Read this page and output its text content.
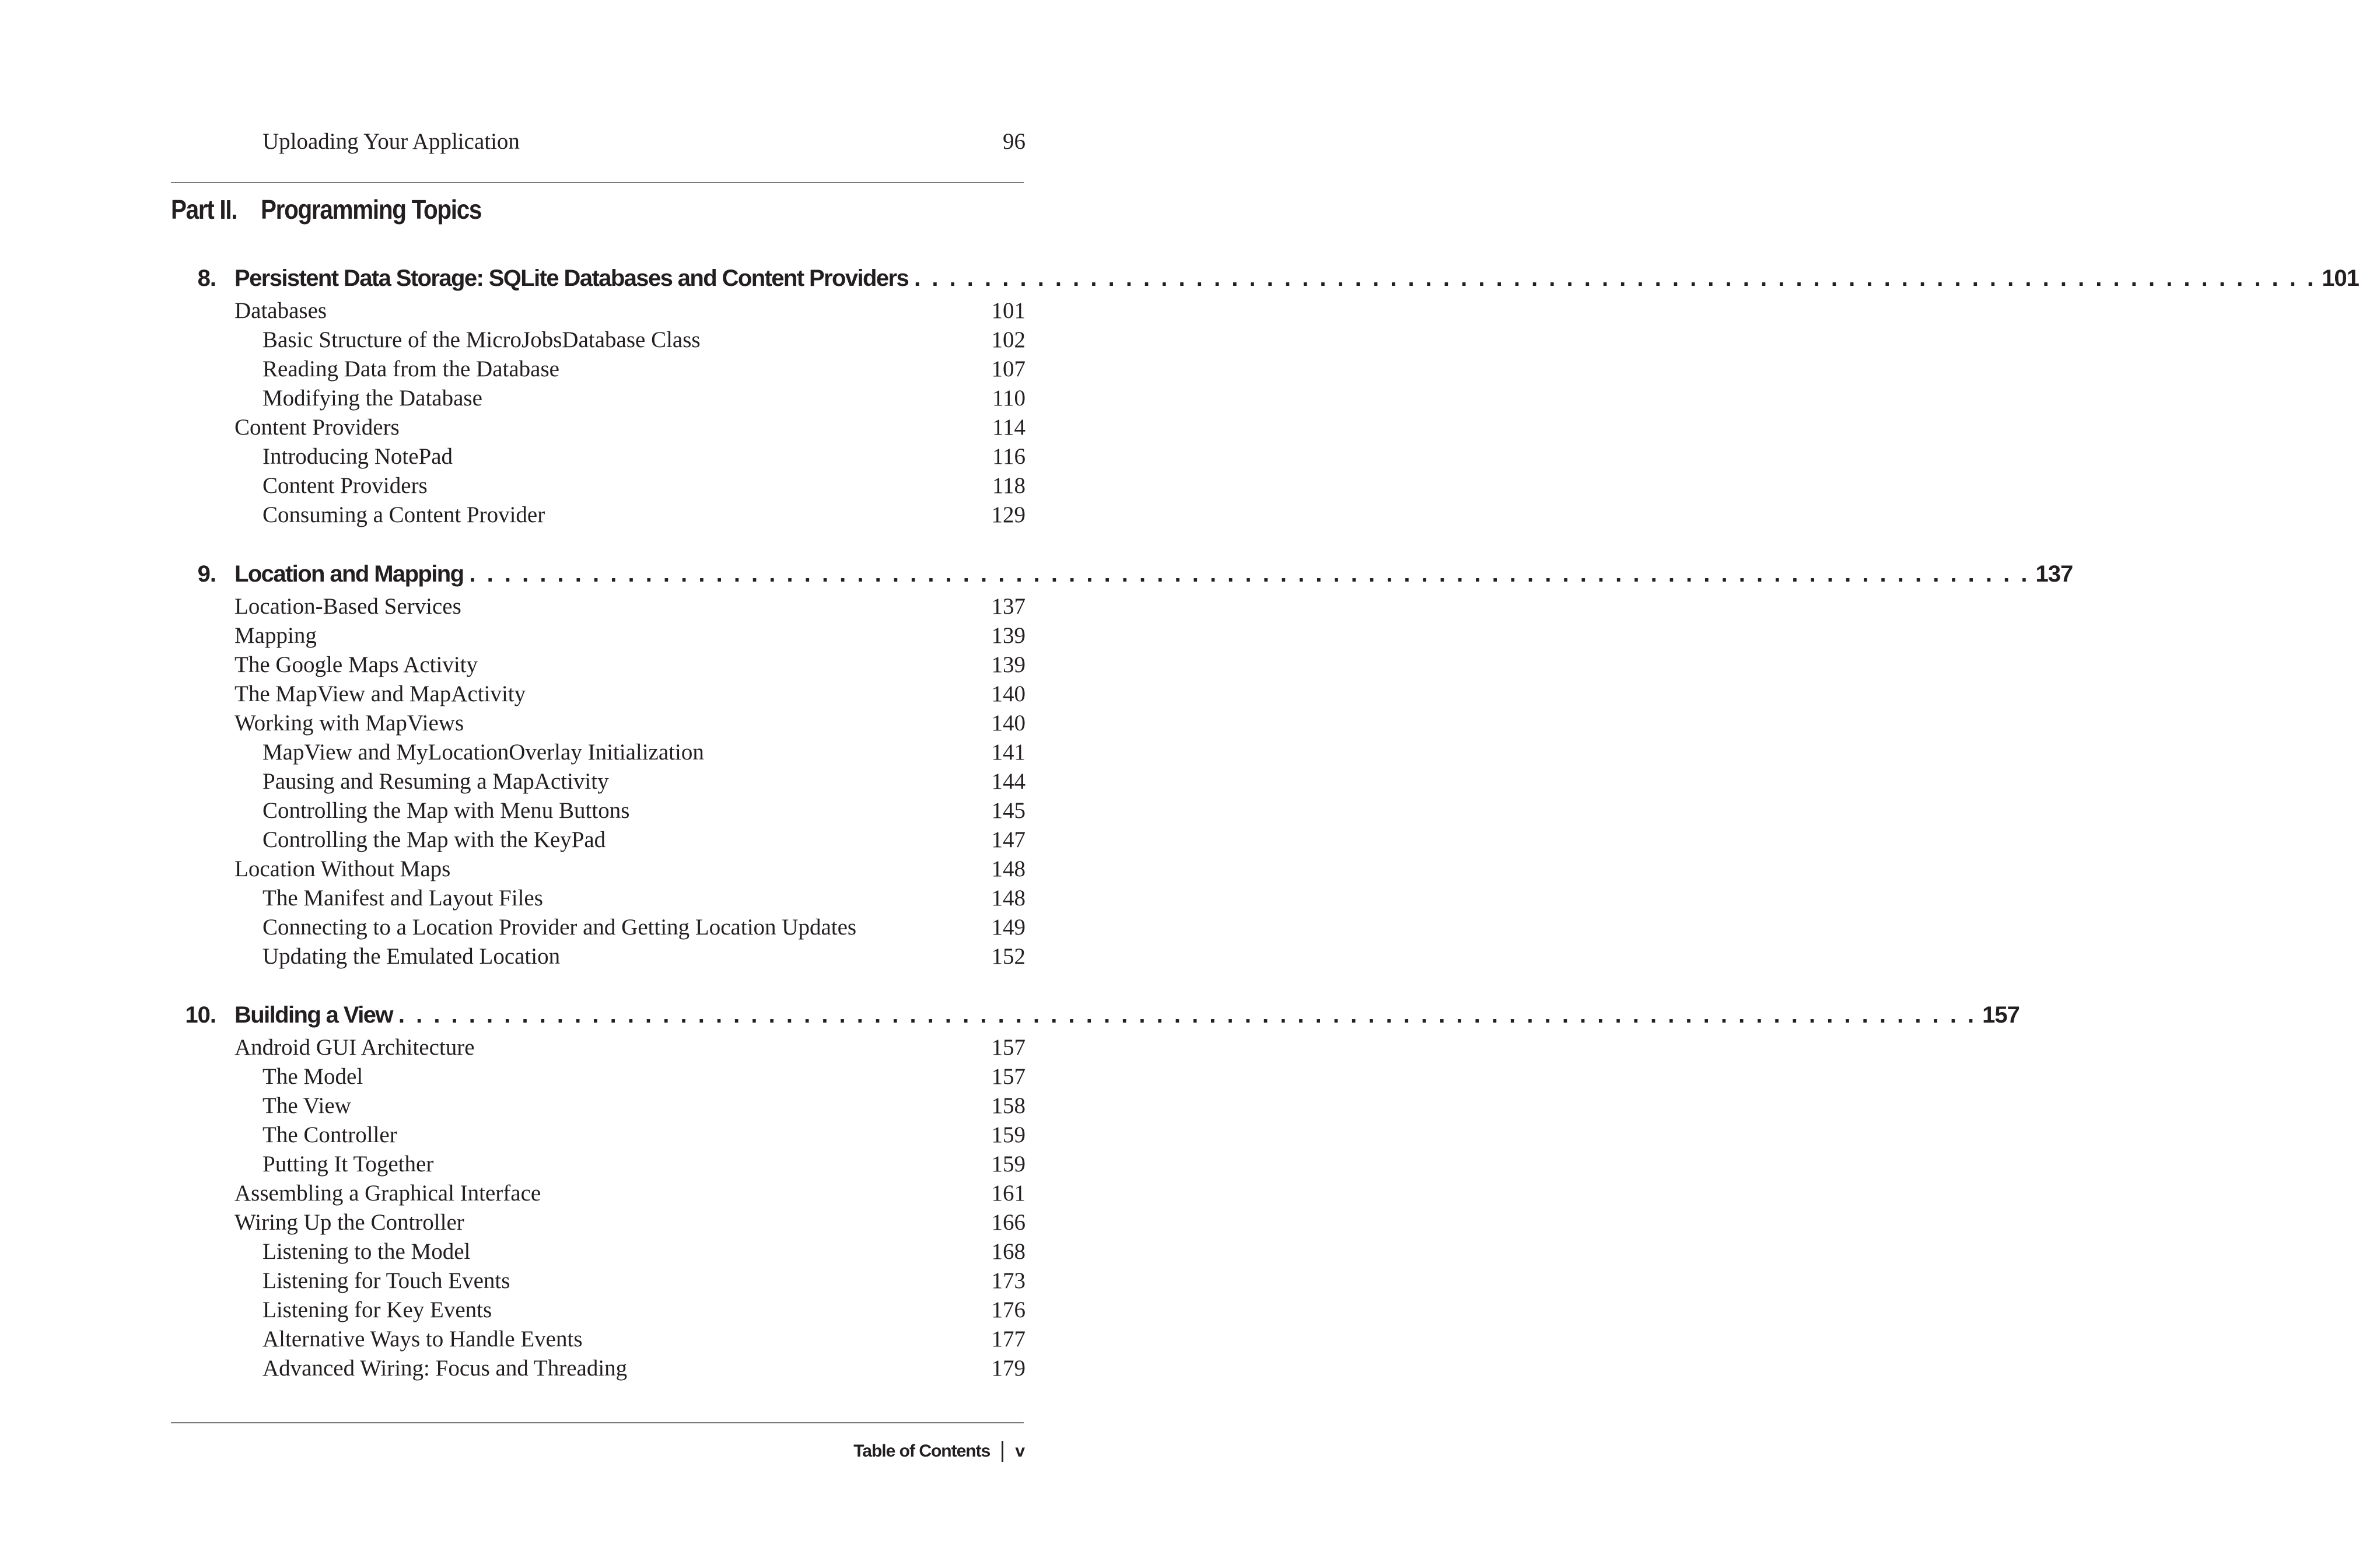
Uploading Your Application	96
Part II. Programming Topics
8. Persistent Data Storage: SQLite Databases and Content Providers . . . . . . . . . . . . . . . . . . . . . . . . . . . . . . . . . . . . . . . . . . . . . . . . . . . . . . . . . . . . . . . . . . . . . . . . . . . . . . . . 101
Databases	101
Basic Structure of the MicroJobsDatabase Class	102
Reading Data from the Database	107
Modifying the Database	110
Content Providers	114
Introducing NotePad	116
Content Providers	118
Consuming a Content Provider	129
9. Location and Mapping . . . . . . . . . . . . . . . . . . . . . . . . . . . . . . . . . . . . . . . . . . . . . . . . . . . . . . . . . . . . . . . . . . . . . . . . . . . . . . . . . . . . . . . . . 137
Location-Based Services	137
Mapping	139
The Google Maps Activity	139
The MapView and MapActivity	140
Working with MapViews	140
MapView and MyLocationOverlay Initialization	141
Pausing and Resuming a MapActivity	144
Controlling the Map with Menu Buttons	145
Controlling the Map with the KeyPad	147
Location Without Maps	148
The Manifest and Layout Files	148
Connecting to a Location Provider and Getting Location Updates	149
Updating the Emulated Location	152
10. Building a View . . . . . . . . . . . . . . . . . . . . . . . . . . . . . . . . . . . . . . . . . . . . . . . . . . . . . . . . . . . . . . . . . . . . . . . . . . . . . . . . . . . . . . . . . . 157
Android GUI Architecture	157
The Model	157
The View	158
The Controller	159
Putting It Together	159
Assembling a Graphical Interface	161
Wiring Up the Controller	166
Listening to the Model	168
Listening for Touch Events	173
Listening for Key Events	176
Alternative Ways to Handle Events	177
Advanced Wiring: Focus and Threading	179
Table of Contents v
